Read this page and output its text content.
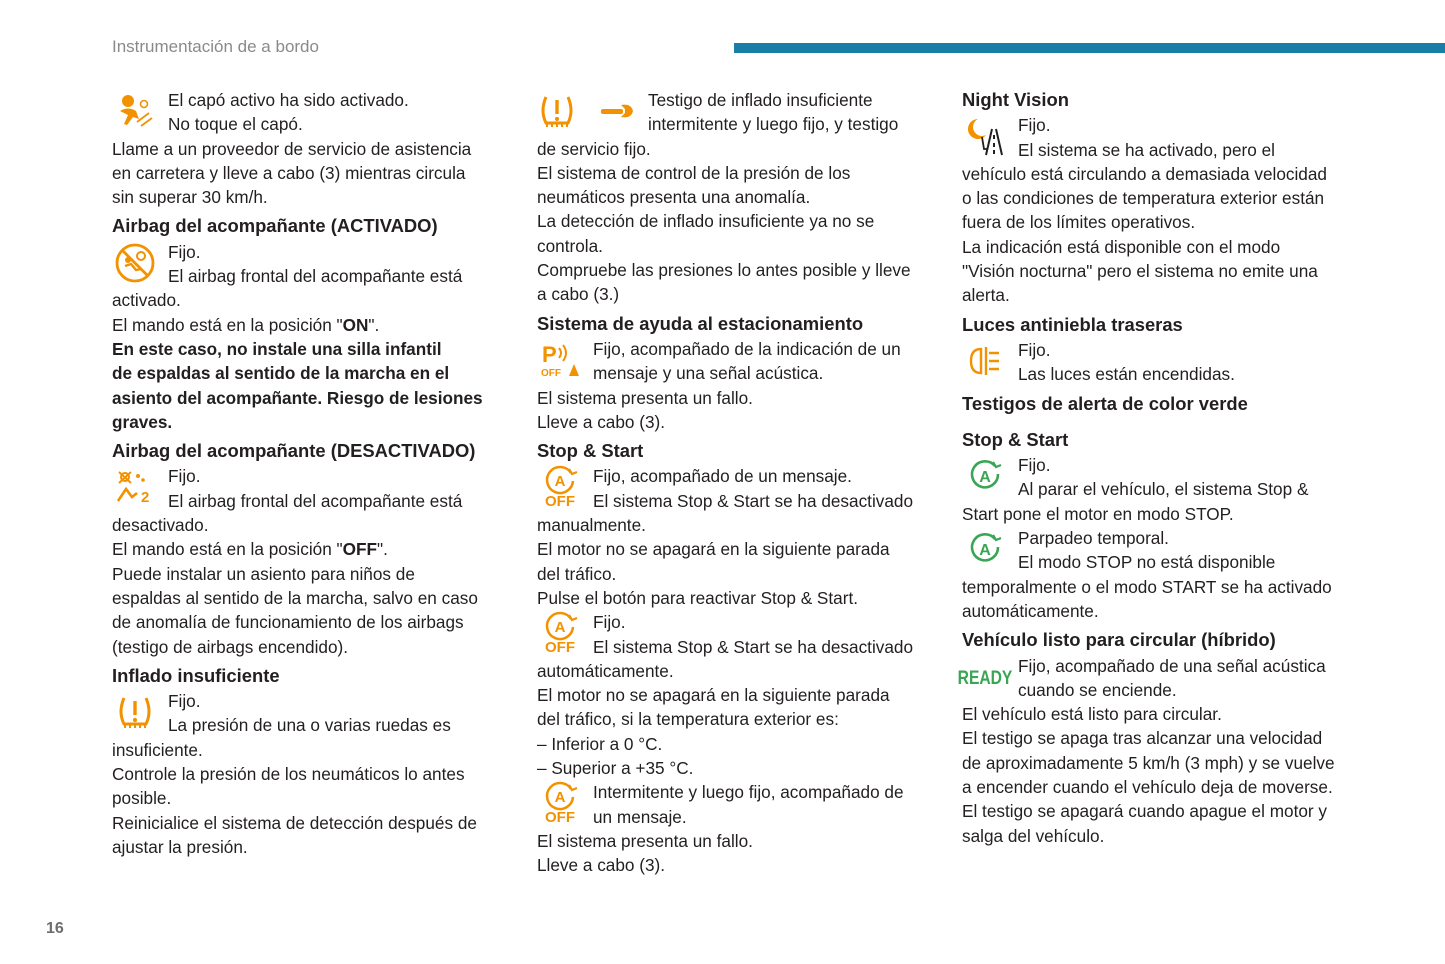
Instrumentación de a bordo
16

El capó activo ha sido activado.

No toque el capó.

Llame a un proveedor de servicio de asistencia

en carretera y lleve a cabo (3) mientras circula

sin superar 30 km/h.

Airbag del acompañante (ACTIVADO)

Fijo.

El airbag frontal del acompañante está

activado.

El mando está en la posición "ON".

En este caso, no instale una silla infantil

de espaldas al sentido de la marcha en el

asiento del acompañante. Riesgo de lesiones

graves.

Airbag del acompañante (DESACTIVADO)

2

Fijo.

El airbag frontal del acompañante está

desactivado.

El mando está en la posición "OFF".

Puede instalar un asiento para niños de

espaldas al sentido de la marcha, salvo en caso

de anomalía de funcionamiento de los airbags

(testigo de airbags encendido).

Inflado insuficiente

Fijo.

La presión de una o varias ruedas es

insuficiente.

Controle la presión de los neumáticos lo antes

posible.

Reinicialice el sistema de detección después de

ajustar la presión.

Testigo de inflado insuficiente

intermitente y luego fijo, y testigo

de servicio fijo.

El sistema de control de la presión de los

neumáticos presenta una anomalía.

La detección de inflado insuficiente ya no se

controla.

Compruebe las presiones lo antes posible y lleve

a cabo (3.)

Sistema de ayuda al estacionamiento

P
OFF

Fijo, acompañado de la indicación de un

mensaje y una señal acústica.

El sistema presenta un fallo.

Lleve a cabo (3).

Stop & Start

A
OFF

Fijo, acompañado de un mensaje.

El sistema Stop & Start se ha desactivado

manualmente.

El motor no se apagará en la siguiente parada

del tráfico.

Pulse el botón para reactivar Stop & Start.

A
OFF

Fijo.

El sistema Stop & Start se ha desactivado

automáticamente.

El motor no se apagará en la siguiente parada

del tráfico, si la temperatura exterior es:

– Inferior a 0 °C.

– Superior a +35 °C.

A
OFF

Intermitente y luego fijo, acompañado de

un mensaje.

El sistema presenta un fallo.

Lleve a cabo (3).

Night Vision

Fijo.

El sistema se ha activado, pero el

vehículo está circulando a demasiada velocidad

o las condiciones de temperatura exterior están

fuera de los límites operativos.

La indicación está disponible con el modo

"Visión nocturna" pero el sistema no emite una

alerta.

Luces antiniebla traseras

Fijo.

Las luces están encendidas.

Testigos de alerta de color verde

Stop & Start

A

Fijo.

Al parar el vehículo, el sistema Stop &

Start pone el motor en modo STOP.

A

Parpadeo temporal.

El modo STOP no está disponible

temporalmente o el modo START se ha activado

automáticamente.

Vehículo listo para circular (híbrido)

READY

Fijo, acompañado de una señal acústica

cuando se enciende.

El vehículo está listo para circular.

El testigo se apaga tras alcanzar una velocidad

de aproximadamente 5 km/h (3 mph) y se vuelve

a encender cuando el vehículo deja de moverse.

El testigo se apagará cuando apague el motor y

salga del vehículo.
